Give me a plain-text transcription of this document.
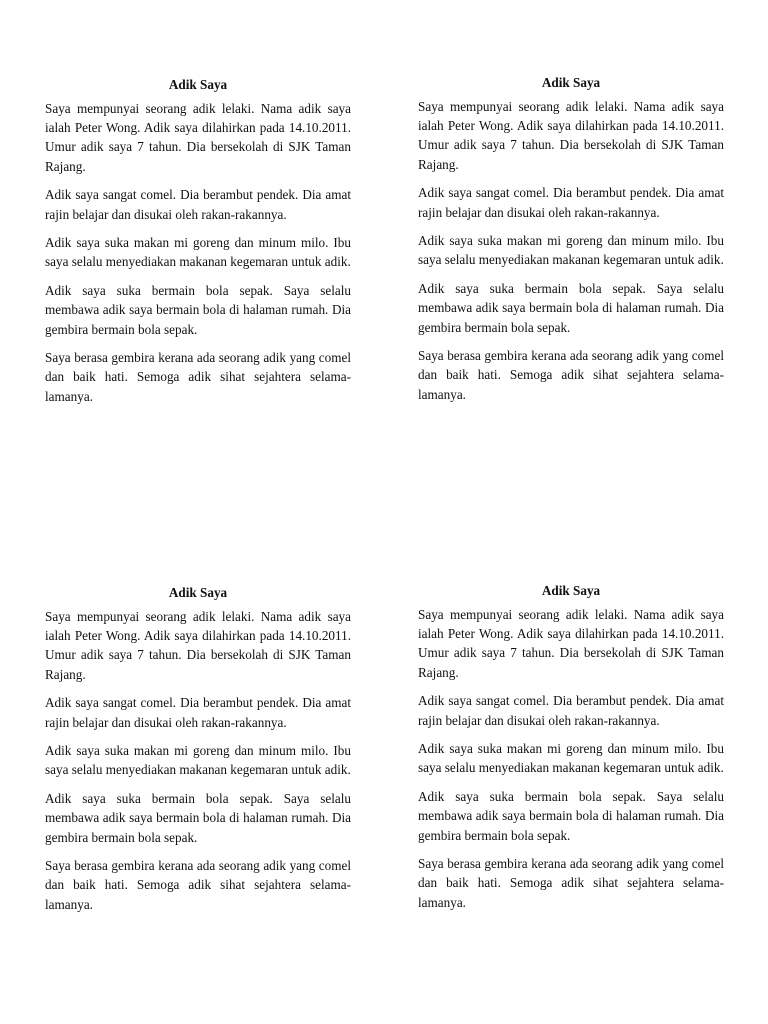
Adik Saya

Saya mempunyai seorang adik lelaki. Nama adik saya ialah Peter Wong. Adik saya dilahirkan pada 14.10.2011. Umur adik saya 7 tahun. Dia bersekolah di SJK Taman Rajang.

Adik saya sangat comel. Dia berambut pendek. Dia amat rajin belajar dan disukai oleh rakan-rakannya.

Adik saya suka makan mi goreng dan minum milo. Ibu saya selalu menyediakan makanan kegemaran untuk adik.

Adik saya suka bermain bola sepak. Saya selalu membawa adik saya bermain bola di halaman rumah. Dia gembira bermain bola sepak.

Saya berasa gembira kerana ada seorang adik yang comel dan baik hati. Semoga adik sihat sejahtera selama-lamanya.

Adik Saya

Saya mempunyai seorang adik lelaki. Nama adik saya ialah Peter Wong. Adik saya dilahirkan pada 14.10.2011. Umur adik saya 7 tahun. Dia bersekolah di SJK Taman Rajang.

Adik saya sangat comel. Dia berambut pendek. Dia amat rajin belajar dan disukai oleh rakan-rakannya.

Adik saya suka makan mi goreng dan minum milo. Ibu saya selalu menyediakan makanan kegemaran untuk adik.

Adik saya suka bermain bola sepak. Saya selalu membawa adik saya bermain bola di halaman rumah. Dia gembira bermain bola sepak.

Saya berasa gembira kerana ada seorang adik yang comel dan baik hati. Semoga adik sihat sejahtera selama-lamanya.

Adik Saya

Saya mempunyai seorang adik lelaki. Nama adik saya ialah Peter Wong. Adik saya dilahirkan pada 14.10.2011. Umur adik saya 7 tahun. Dia bersekolah di SJK Taman Rajang.

Adik saya sangat comel. Dia berambut pendek. Dia amat rajin belajar dan disukai oleh rakan-rakannya.

Adik saya suka makan mi goreng dan minum milo. Ibu saya selalu menyediakan makanan kegemaran untuk adik.

Adik saya suka bermain bola sepak. Saya selalu membawa adik saya bermain bola di halaman rumah. Dia gembira bermain bola sepak.

Saya berasa gembira kerana ada seorang adik yang comel dan baik hati. Semoga adik sihat sejahtera selama-lamanya.

Adik Saya

Saya mempunyai seorang adik lelaki. Nama adik saya ialah Peter Wong. Adik saya dilahirkan pada 14.10.2011. Umur adik saya 7 tahun. Dia bersekolah di SJK Taman Rajang.

Adik saya sangat comel. Dia berambut pendek. Dia amat rajin belajar dan disukai oleh rakan-rakannya.

Adik saya suka makan mi goreng dan minum milo. Ibu saya selalu menyediakan makanan kegemaran untuk adik.

Adik saya suka bermain bola sepak. Saya selalu membawa adik saya bermain bola di halaman rumah. Dia gembira bermain bola sepak.

Saya berasa gembira kerana ada seorang adik yang comel dan baik hati. Semoga adik sihat sejahtera selama-lamanya.
